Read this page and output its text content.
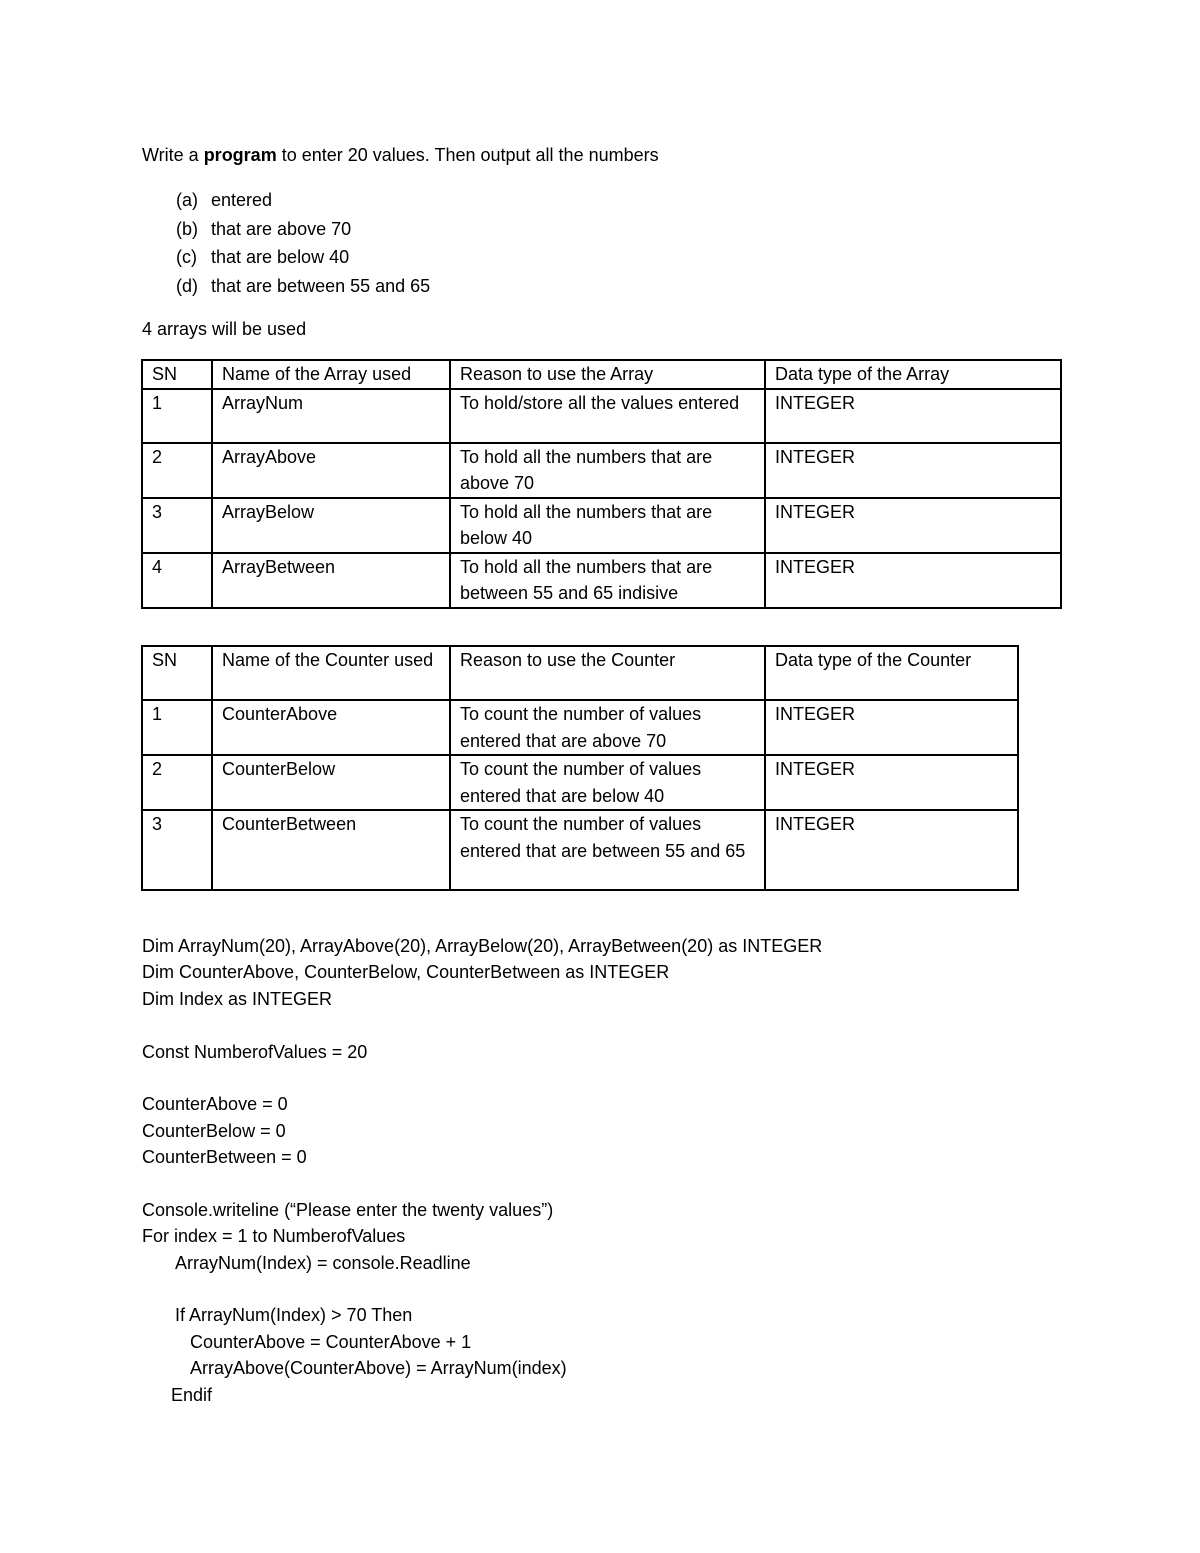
Write a program to enter 20 values. Then output all the numbers

(a) entered
(b) that are above 70
(c) that are below 40
(d) that are between 55 and 65

4 arrays will be used

SN	Name of the Array used	Reason to use the Array	Data type of the Array
1	ArrayNum	To hold/store all the values entered	INTEGER
2	ArrayAbove	To hold all the numbers that are above 70	INTEGER
3	ArrayBelow	To hold all the numbers that are below 40	INTEGER
4	ArrayBetween	To hold all the numbers that are between 55 and 65 indisive	INTEGER
SN	Name of the Counter used	Reason to use the Counter	Data type of the Counter
1	CounterAbove	To count the number of values entered that are above 70	INTEGER
2	CounterBelow	To count the number of values entered that are below 40	INTEGER
3	CounterBetween	To count the number of values entered that are between 55 and 65	INTEGER
Dim ArrayNum(20), ArrayAbove(20), ArrayBelow(20), ArrayBetween(20) as INTEGER
Dim CounterAbove, CounterBelow, CounterBetween as INTEGER
Dim Index as INTEGER
Const NumberofValues = 20
CounterAbove = 0
CounterBelow = 0
CounterBetween = 0
Console.writeline (“Please enter the twenty values”)
For index = 1 to NumberofValues
ArrayNum(Index) = console.Readline
If ArrayNum(Index) > 70 Then
CounterAbove = CounterAbove + 1
ArrayAbove(CounterAbove) = ArrayNum(index)
Endif
